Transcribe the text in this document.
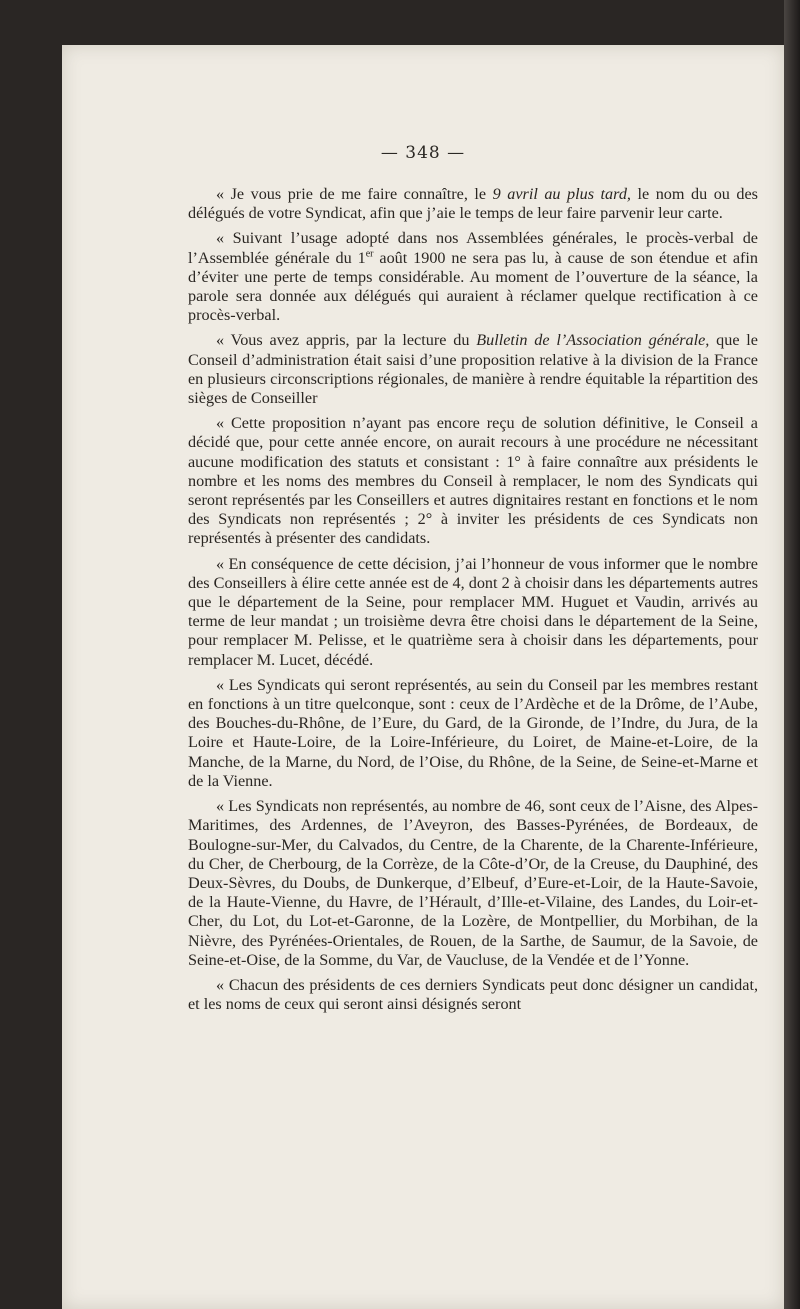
— 348 —

« Je vous prie de me faire connaître, le 9 avril au plus tard, le nom du ou des délégués de votre Syndicat, afin que j’aie le temps de leur faire parvenir leur carte.

« Suivant l’usage adopté dans nos Assemblées générales, le procès-verbal de l’Assemblée générale du 1er août 1900 ne sera pas lu, à cause de son étendue et afin d’éviter une perte de temps considérable. Au moment de l’ouverture de la séance, la parole sera donnée aux délégués qui auraient à réclamer quelque rectification à ce procès-verbal.

« Vous avez appris, par la lecture du Bulletin de l’Association générale, que le Conseil d’administration était saisi d’une proposition relative à la division de la France en plusieurs circonscriptions régionales, de manière à rendre équitable la répartition des sièges de Conseiller

« Cette proposition n’ayant pas encore reçu de solution définitive, le Conseil a décidé que, pour cette année encore, on aurait recours à une procédure ne nécessitant aucune modification des statuts et consistant : 1° à faire connaître aux présidents le nombre et les noms des membres du Conseil à remplacer, le nom des Syndicats qui seront représentés par les Conseillers et autres dignitaires restant en fonctions et le nom des Syndicats non représentés ; 2° à inviter les présidents de ces Syndicats non représentés à présenter des candidats.

« En conséquence de cette décision, j’ai l’honneur de vous informer que le nombre des Conseillers à élire cette année est de 4, dont 2 à choisir dans les départements autres que le département de la Seine, pour remplacer MM. Huguet et Vaudin, arrivés au terme de leur mandat ; un troisième devra être choisi dans le département de la Seine, pour remplacer M. Pelisse, et le quatrième sera à choisir dans les départements, pour remplacer M. Lucet, décédé.

« Les Syndicats qui seront représentés, au sein du Conseil par les membres restant en fonctions à un titre quelconque, sont : ceux de l’Ardèche et de la Drôme, de l’Aube, des Bouches-du-Rhône, de l’Eure, du Gard, de la Gironde, de l’Indre, du Jura, de la Loire et Haute-Loire, de la Loire-Inférieure, du Loiret, de Maine-et-Loire, de la Manche, de la Marne, du Nord, de l’Oise, du Rhône, de la Seine, de Seine-et-Marne et de la Vienne.

« Les Syndicats non représentés, au nombre de 46, sont ceux de l’Aisne, des Alpes-Maritimes, des Ardennes, de l’Aveyron, des Basses-Pyrénées, de Bordeaux, de Boulogne-sur-Mer, du Calvados, du Centre, de la Charente, de la Charente-Inférieure, du Cher, de Cherbourg, de la Corrèze, de la Côte-d’Or, de la Creuse, du Dauphiné, des Deux-Sèvres, du Doubs, de Dunkerque, d’Elbeuf, d’Eure-et-Loir, de la Haute-Savoie, de la Haute-Vienne, du Havre, de l’Hérault, d’Ille-et-Vilaine, des Landes, du Loir-et-Cher, du Lot, du Lot-et-Garonne, de la Lozère, de Montpellier, du Morbihan, de la Nièvre, des Pyrénées-Orientales, de Rouen, de la Sarthe, de Saumur, de la Savoie, de Seine-et-Oise, de la Somme, du Var, de Vaucluse, de la Vendée et de l’Yonne.

« Chacun des présidents de ces derniers Syndicats peut donc désigner un candidat, et les noms de ceux qui seront ainsi désignés seront
